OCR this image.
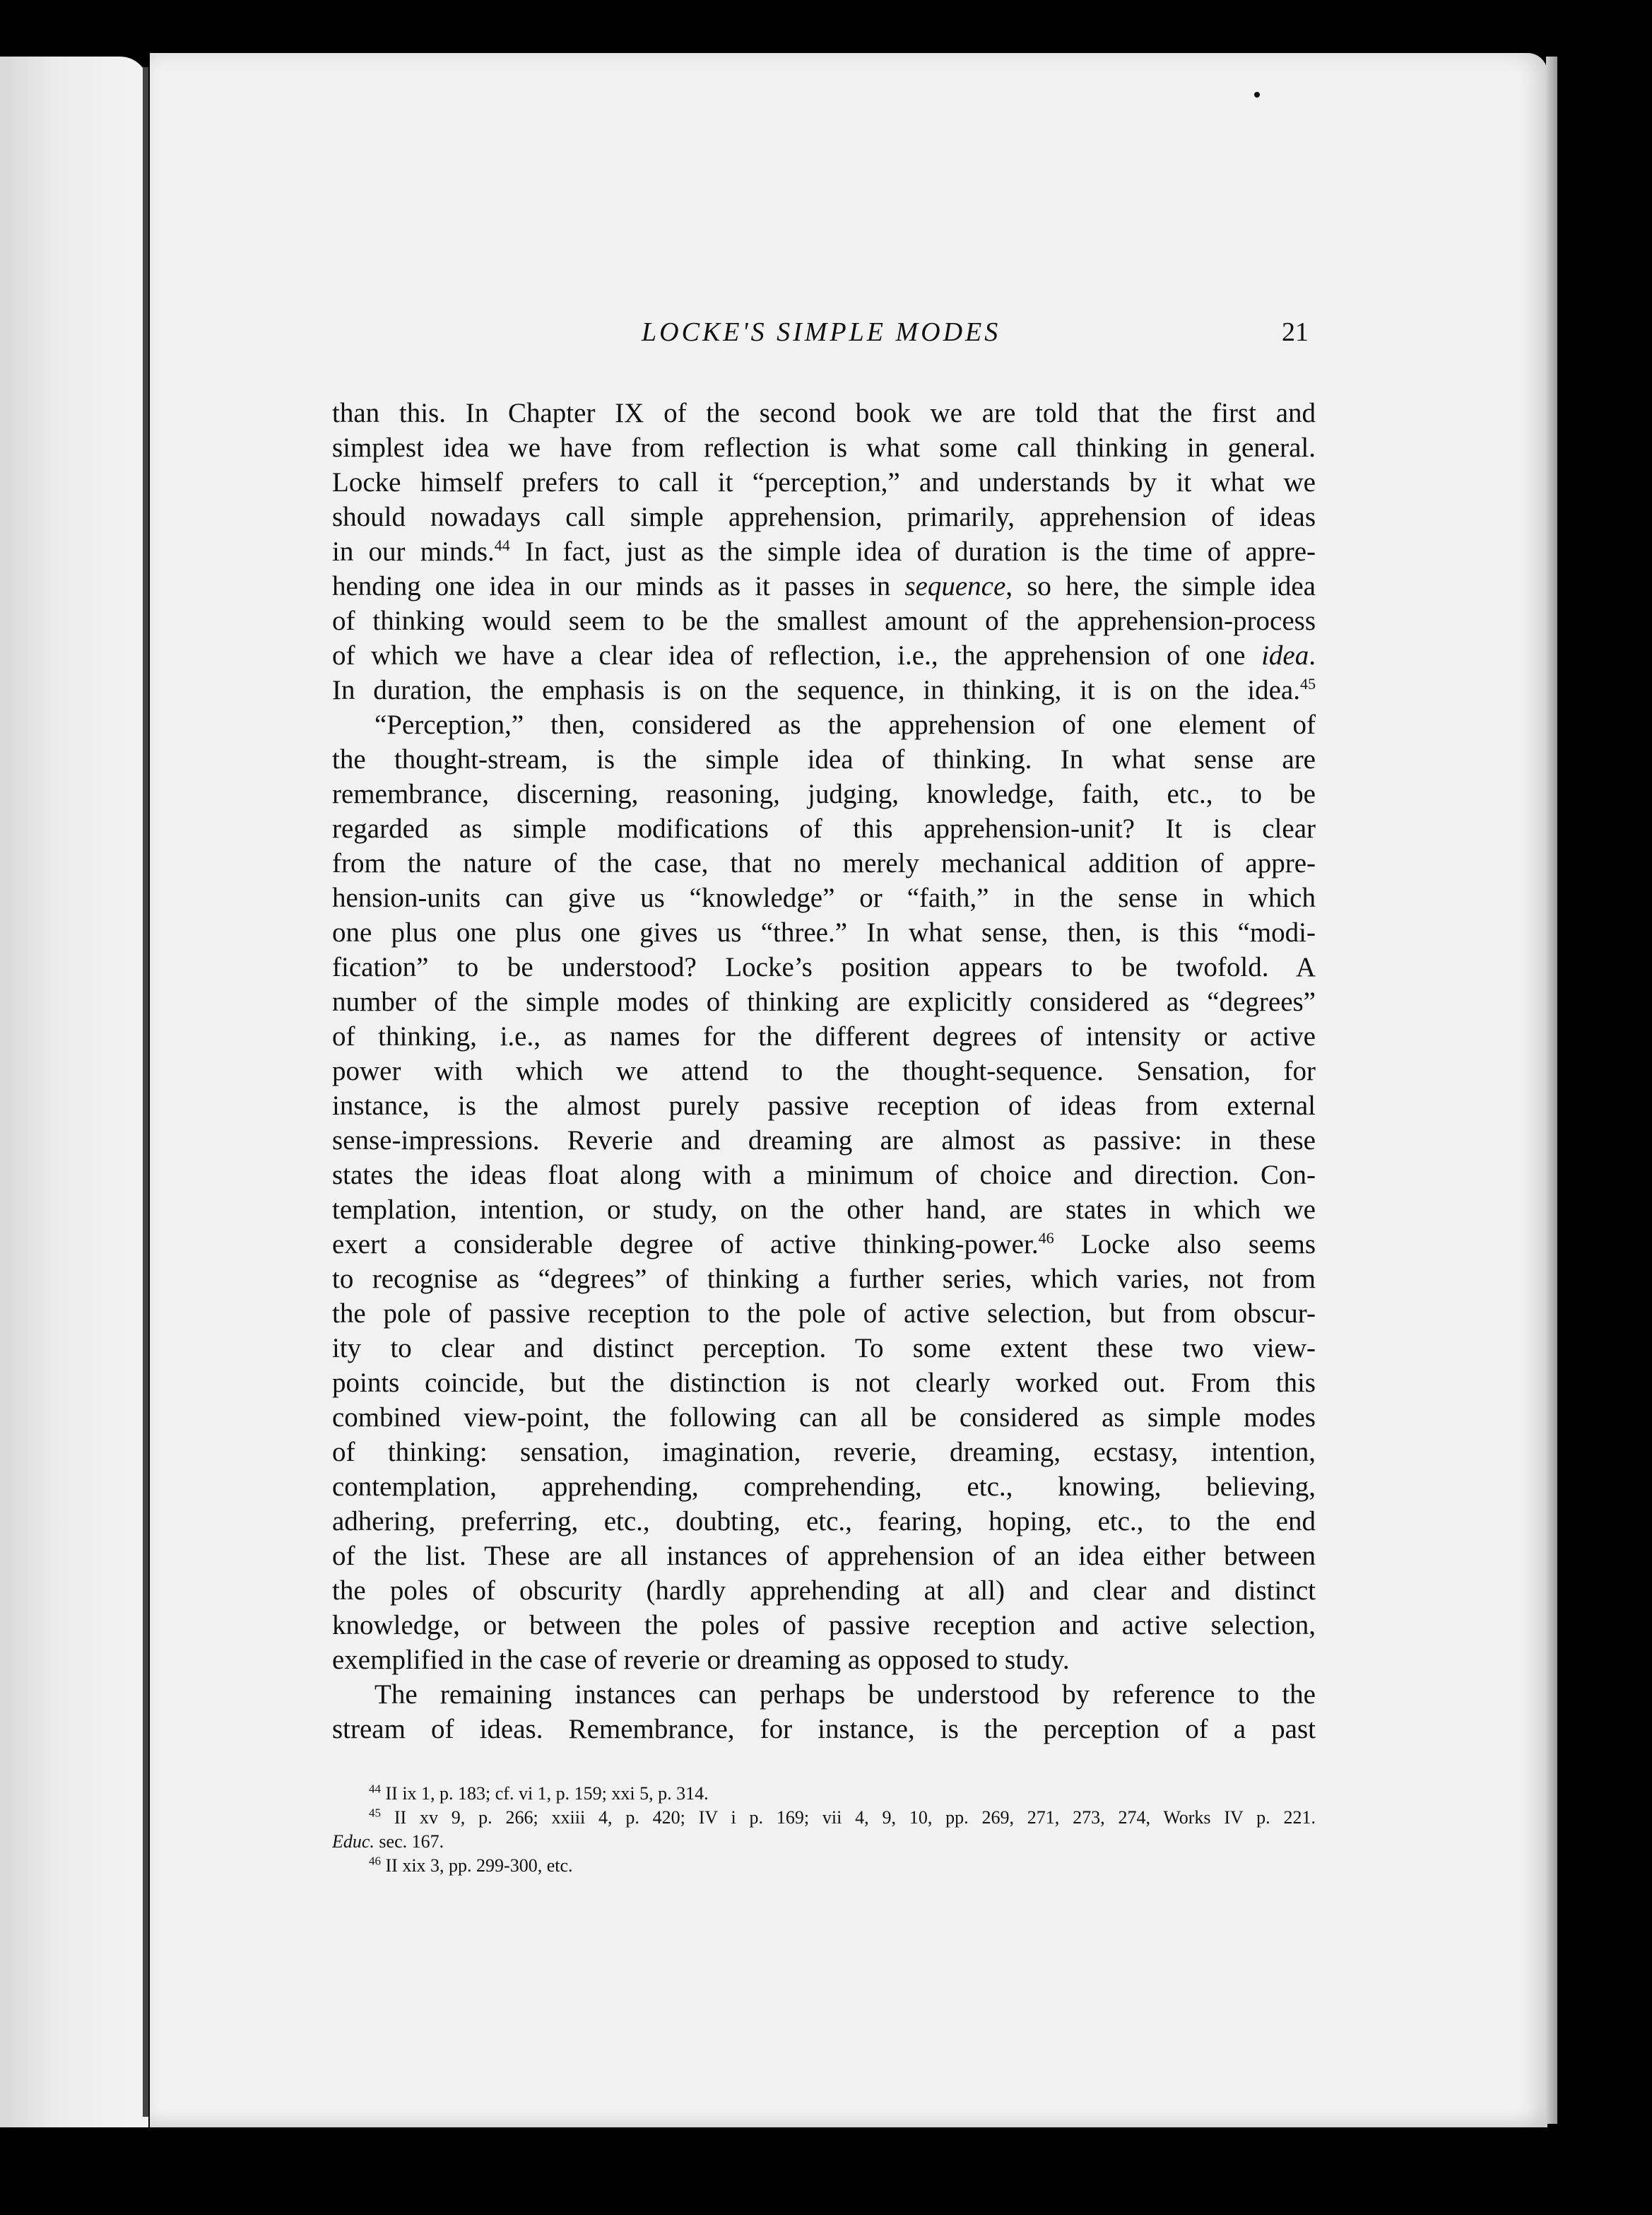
LOCKE'S SIMPLE MODES	21
than this. In Chapter IX of the second book we are told that the first and
simplest idea we have from reflection is what some call thinking in general.
Locke himself prefers to call it “perception,” and understands by it what we
should nowadays call simple apprehension, primarily, apprehension of ideas
in our minds.$^{44}$ In fact, just as the simple idea of duration is the time of appre-
hending one idea in our minds as it passes in sequence, so here, the simple idea
of thinking would seem to be the smallest amount of the apprehension-process
of which we have a clear idea of reflection, i.e., the apprehension of one idea.
In duration, the emphasis is on the sequence, in thinking, it is on the idea.$^{45}$
“Perception,” then, considered as the apprehension of one element of
the thought-stream, is the simple idea of thinking. In what sense are
remembrance, discerning, reasoning, judging, knowledge, faith, etc., to be
regarded as simple modifications of this apprehension-unit? It is clear
from the nature of the case, that no merely mechanical addition of appre-
hension-units can give us “knowledge” or “faith,” in the sense in which
one plus one plus one gives us “three.” In what sense, then, is this “modi-
fication” to be understood? Locke’s position appears to be twofold. A
number of the simple modes of thinking are explicitly considered as “degrees”
of thinking, i.e., as names for the different degrees of intensity or active
power with which we attend to the thought-sequence. Sensation, for
instance, is the almost purely passive reception of ideas from external
sense-impressions. Reverie and dreaming are almost as passive: in these
states the ideas float along with a minimum of choice and direction. Con-
templation, intention, or study, on the other hand, are states in which we
exert a considerable degree of active thinking-power.$^{46}$ Locke also seems
to recognise as “degrees” of thinking a further series, which varies, not from
the pole of passive reception to the pole of active selection, but from obscur-
ity to clear and distinct perception. To some extent these two view-
points coincide, but the distinction is not clearly worked out. From this
combined view-point, the following can all be considered as simple modes
of thinking: sensation, imagination, reverie, dreaming, ecstasy, intention,
contemplation, apprehending, comprehending, etc., knowing, believing,
adhering, preferring, etc., doubting, etc., fearing, hoping, etc., to the end
of the list. These are all instances of apprehension of an idea either between
the poles of obscurity (hardly apprehending at all) and clear and distinct
knowledge, or between the poles of passive reception and active selection,
exemplified in the case of reverie or dreaming as opposed to study.
The remaining instances can perhaps be understood by reference to the
stream of ideas. Remembrance, for instance, is the perception of a past
$^{44}$ II ix 1, p. 183; cf. vi 1, p. 159; xxi 5, p. 314.
$^{45}$ II xv 9, p. 266; xxiii 4, p. 420; IV i p. 169; vii 4, 9, 10, pp. 269, 271, 273, 274, Works IV p. 221.
Educ. sec. 167.
$^{46}$ II xix 3, pp. 299-300, etc.
